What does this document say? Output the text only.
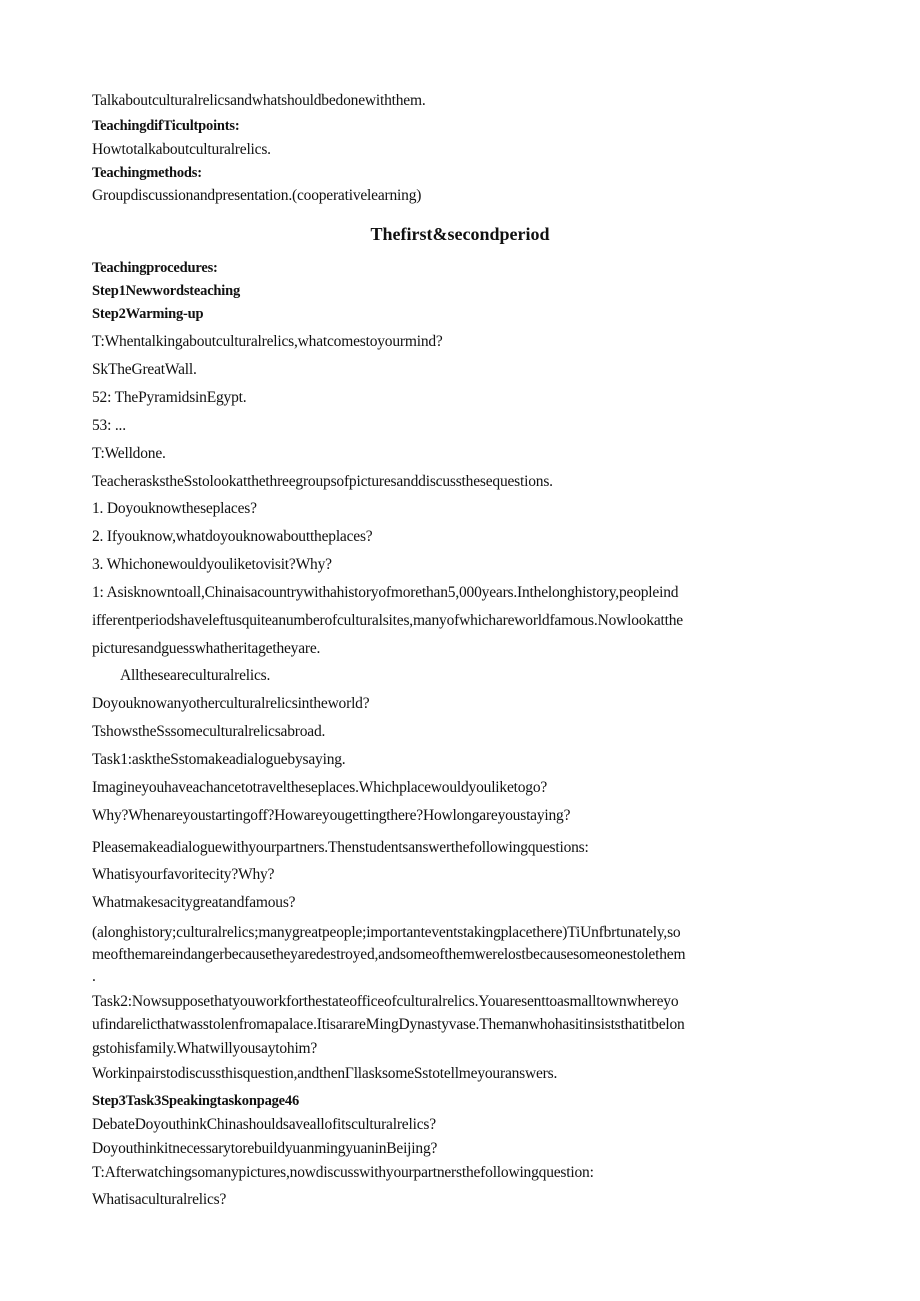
Talkaboutculturalrelicsandwhatshouldbedonewiththem.
TeachingdifTicultpoints:
Howtotalkaboutculturalrelics.
Teachingmethods:
Groupdiscussionandpresentation.(cooperativelearning)
Thefirst&secondperiod
Teachingprocedures:
Step1Newwordsteaching
Step2Warming-up
T:Whentalkingaboutculturalrelics,whatcomestoyourmind?
SkTheGreatWall.
52: ThePyramidsinEgypt.
53: ...
T:Welldone.
TeacheraskstheSstolookatthethreegroupsofpicturesanddiscussthesequestions.
1. Doyouknowtheseplaces?
2. Ifyouknow,whatdoyouknowabouttheplaces?
3. Whichonewouldyouliketovisit?Why?
1: Asisknowntoall,Chinaisacountrywithahistoryofmorethan5,000years.Inthelonghistory,peopleind
ifferentperiodshaveleftusquiteanumberofculturalsites,manyofwhichareworldfamous.Nowlookatthe
picturesandguesswhatheritagetheyare.
Alltheseareculturalrelics.
Doyouknowanyotherculturalrelicsintheworld?
TshowstheSssomeculturalrelicsabroad.
Task1:asktheSstomakeadialoguebysaying.
Imagineyouhaveachancetotraveltheseplaces.Whichplacewouldyouliketogo?
Why?Whenareyoustartingoff?Howareyougettingthere?Howlongareyoustaying?
Pleasemakeadialoguewithyourpartners.Thenstudentsanswerthefollowingquestions:
Whatisyourfavoritecity?Why?
Whatmakesacitygreatandfamous?
(alonghistory;culturalrelics;manygreatpeople;importanteventstakingplacethere)TiUnfbrtunately,so
meofthemareindangerbecausetheyaredestroyed,andsomeofthemwerelostbecausesomeonestolethem
.
Task2:Nowsupposethatyouworkforthestateofficeofculturalrelics.Youaresenttoasmalltownwhereyo
ufindarelicthatwasstolenfromapalace.ItisarareMingDynastyvase.Themanwhohasitinsiststhatitbelon
gstohisfamily.Whatwillyousaytohim?
Workinpairstodiscussthisquestion,andthenΓllasksomeSstotellmeyouranswers.
Step3Task3Speakingtaskonpage46
DebateDoyouthinkChinashouldsaveallofitsculturalrelics?
DoyouthinkitnecessarytorebuildyuanmingyuaninBeijing?
T:Afterwatchingsomanypictures,nowdiscusswithyourpartnersthefollowingquestion:
Whatisaculturalrelics?
